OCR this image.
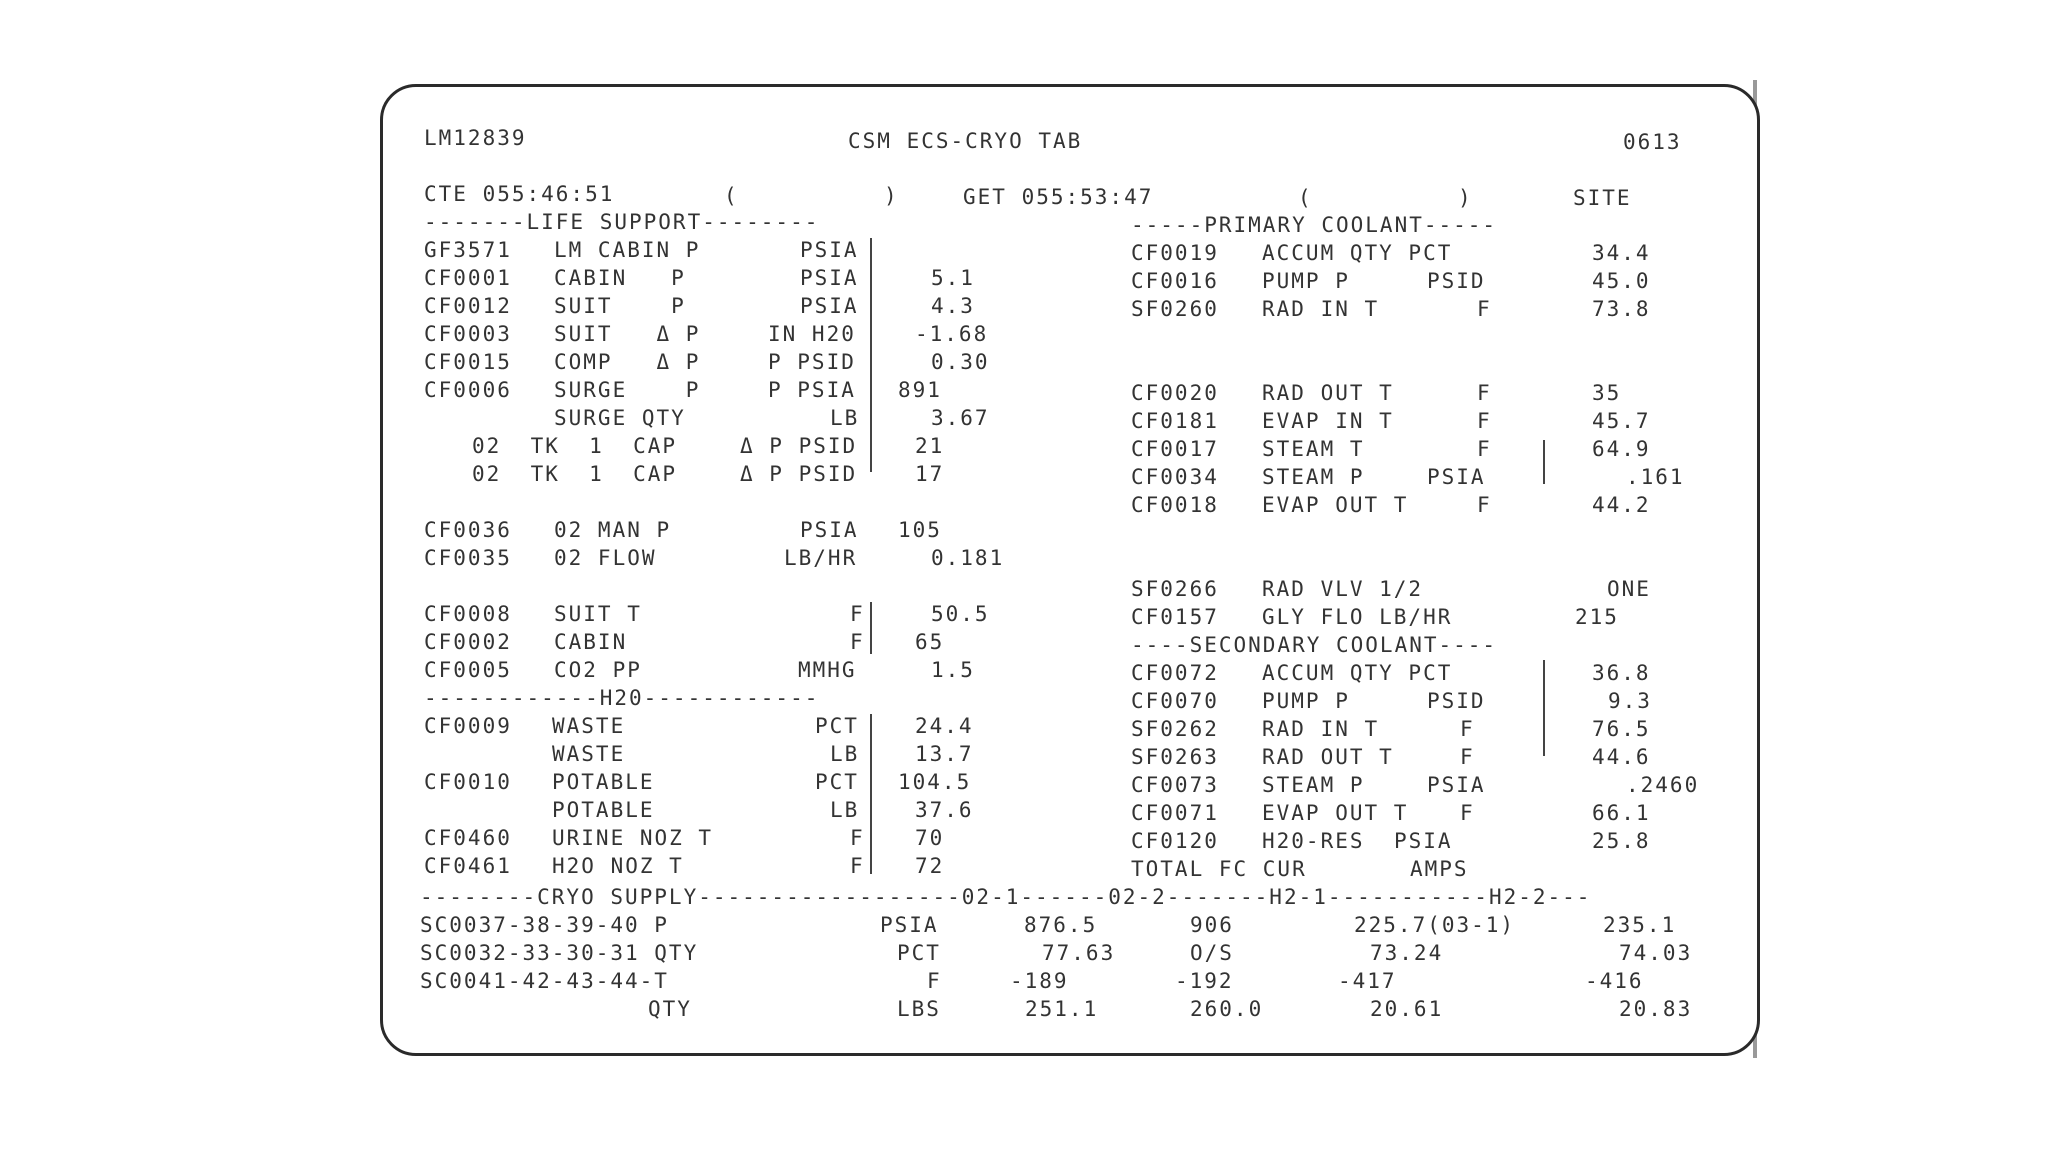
LM12839	CSM ECS-CRYO TAB	0613
CTE 055:46:51	(	)	GET 055:53:47	(	)	SITE
-------LIFE SUPPORT--------	-----PRIMARY COOLANT-----
GF3571 LM CABIN P	PSIA
CF0001 CABIN   P	PSIA	5.1
CF0012 SUIT    P	PSIA	4.3
CF0003 SUIT   Δ P	IN H20	-1.68
CF0015 COMP   Δ P	P PSID	0.30
CF0006 SURGE    P	P PSIA 891
SURGE QTY	LB	3.67
02  TK  1  CAP	Δ P PSID	21
02  TK  1  CAP	Δ P PSID	17
CF0036 02 MAN P	PSIA 105
CF0035 02 FLOW	LB/HR	0.181
CF0008 SUIT T	F	50.5
CF0002 CABIN	F 65
CF0005 CO2 PP	MMHG	1.5
------------H20------------
CF0009 WASTE	PCT	24.4
WASTE	LB	13.7
CF0010 POTABLE	PCT 104.5
POTABLE	LB	37.6
CF0460 URINE NOZ T	F 70
CF0461 H2O NOZ T	F 72
CF0019 ACCUM QTY PCT	34.4
CF0016 PUMP P	PSID	45.0
SF0260 RAD IN T	F	73.8
CF0020 RAD OUT T	F	35
CF0181 EVAP IN T	F	45.7
CF0017 STEAM T	F	64.9
CF0034 STEAM P	PSIA	.161
CF0018 EVAP OUT T	F	44.2
SF0266 RAD VLV 1/2	ONE
CF0157 GLY FLO LB/HR	215
----SECONDARY COOLANT----
CF0072 ACCUM QTY PCT	36.8
CF0070 PUMP P	PSID	9.3
SF0262 RAD IN T	F	76.5
SF0263 RAD OUT T	F	44.6
CF0073 STEAM P	PSIA	.2460
CF0071 EVAP OUT T F	66.1
CF0120 H20-RES PSIA	25.8
TOTAL FC CUR	AMPS
--------CRYO SUPPLY------------------02-1------02-2-------H2-1-----------H2-2---
SC0037-38-39-40 P	PSIA	876.5	906	225.7(03-1)	235.1
SC0032-33-30-31 QTY	PCT	77.63	O/S	73.24	74.03
SC0041-42-43-44-T	F	-189	-192	-417	-416
QTY	LBS	251.1	260.0	20.61	20.83
